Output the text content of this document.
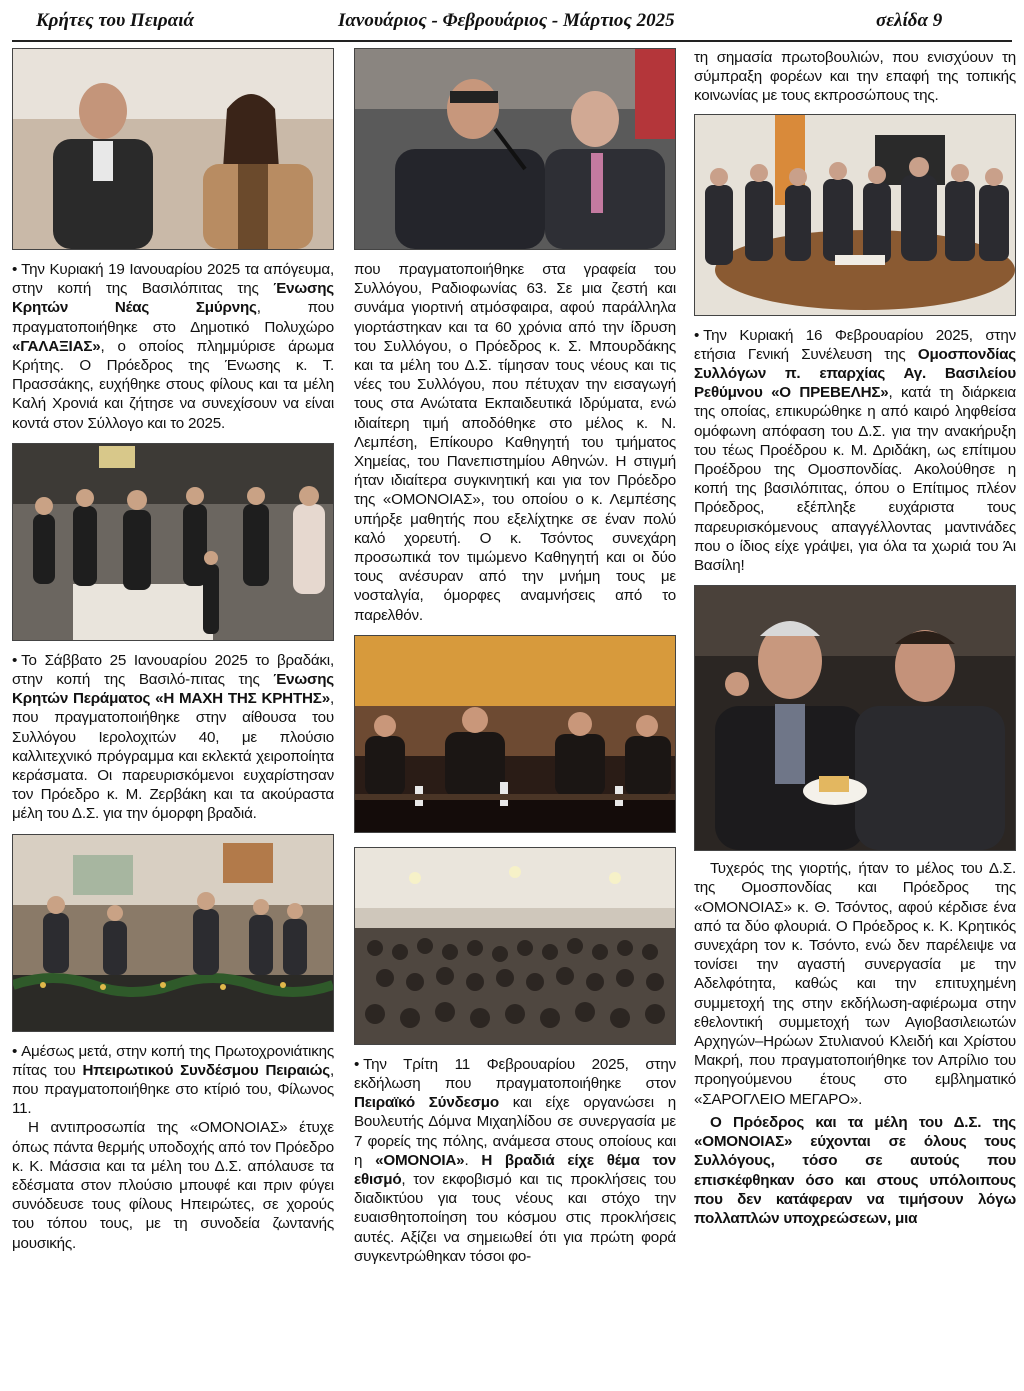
Κρήτες του Πειραιά	Ιανουάριος - Φεβρουάριος - Μάρτιος 2025	σελίδα 9

• Την Κυριακή 19 Ιανουαρίου 2025 τα απόγευμα, στην κοπή της Βασιλόπιτας της Ένωσης Κρητών Νέας Σμύρνης, που πραγματοποιήθηκε στο Δημοτικό Πολυχώρο «ΓΑΛΑΞΙΑΣ», ο οποίος πλημμύρισε άρωμα Κρήτης. Ο Πρόεδρος της Ένωσης κ. Τ. Πρασσάκης, ευχήθηκε στους φίλους και τα μέλη Καλή Χρονιά και ζήτησε να συνεχίσουν να είναι κοντά στον Σύλλογο και το 2025.

• Το Σάββατο 25 Ιανουαρίου 2025 το βραδάκι, στην κοπή της Βασιλό-πιτας της Ένωσης Κρητών Περάματος «Η ΜΑΧΗ ΤΗΣ ΚΡΗΤΗΣ», που πραγματοποιήθηκε στην αίθουσα του Συλλόγου Ιερολοχιτών 40, με πλούσιο καλλιτεχνικό πρόγραμμα και εκλεκτά χειροποίητα κεράσματα. Οι παρευρισκόμενοι ευχαρίστησαν τον Πρόεδρο κ. Μ. Ζερβάκη και τα ακούραστα μέλη του Δ.Σ. για την όμορφη βραδιά.

• Αμέσως μετά, στην κοπή της Πρωτοχρονιάτικης πίτας του Ηπειρωτικού Συνδέσμου Πειραιώς, που πραγματοποιήθηκε στο κτίριό του, Φίλωνος 11.

Η αντιπροσωπία της «ΟΜΟΝΟΙΑΣ» έτυχε όπως πάντα θερμής υποδοχής από τον Πρόεδρο κ. Κ. Μάσσια και τα μέλη του Δ.Σ. απόλαυσε τα εδέσματα στον πλούσιο μπουφέ και πριν φύγει συνόδευσε τους φίλους Ηπειρώτες, σε χορούς του τόπου τους, με τη συνοδεία ζωντανής μουσικής.

που πραγματοποιήθηκε στα γραφεία του Συλλόγου, Ραδιοφωνίας 63. Σε μια ζεστή και συνάμα γιορτινή ατμόσφαιρα, αφού παράλληλα γιορτάστηκαν και τα 60 χρόνια από την ίδρυση του Συλλόγου, ο Πρόεδρος κ. Σ. Μπουρδάκης και τα μέλη του Δ.Σ. τίμησαν τους νέους και τις νέες του Συλλόγου, που πέτυχαν την εισαγωγή τους στα Ανώτατα Εκπαιδευτικά Ιδρύματα, ενώ ιδιαίτερη τιμή αποδόθηκε στο μέλος κ. Ν. Λεμπέση, Επίκουρο Καθηγητή του τμήματος Χημείας, του Πανεπιστημίου Αθηνών. Η στιγμή ήταν ιδιαίτερα συγκινητική και για τον Πρόεδρο της «ΟΜΟΝΟΙΑΣ», του οποίου ο κ. Λεμπέσης υπήρξε μαθητής που εξελίχτηκε σε έναν πολύ καλό χορευτή. Ο κ. Τσόντος συνεχάρη προσωπικά τον τιμώμενο Καθηγητή και οι δύο τους ανέσυραν από την μνήμη τους με νοσταλγία, όμορφες αναμνήσεις από το παρελθόν.

• Την Τρίτη 11 Φεβρουαρίου 2025, στην εκδήλωση που πραγματοποιήθηκε στον Πειραϊκό Σύνδεσμο και είχε οργανώσει η Βουλευτής Δόμνα Μιχαηλίδου σε συνεργασία με 7 φορείς της πόλης, ανάμεσα στους οποίους και η «ΟΜΟΝΟΙΑ». Η βραδιά είχε θέμα τον εθισμό, τον εκφοβισμό και τις προκλήσεις του διαδικτύου για τους νέους και στόχο την ευαισθητοποίηση του κόσμου στις προκλήσεις αυτές. Αξίζει να σημειωθεί ότι για πρώτη φορά συγκεντρώθηκαν τόσοι φο-

τη σημασία πρωτοβουλιών, που ενισχύουν τη σύμπραξη φορέων και την επαφή της τοπικής κοινωνίας με τους εκπροσώπους της.

• Την Κυριακή 16 Φεβρουαρίου 2025, στην ετήσια Γενική Συνέλευση της Ομοσπονδίας Συλλόγων π. επαρχίας Αγ. Βασιλείου Ρεθύμνου «Ο ΠΡΕΒΕΛΗΣ», κατά τη διάρκεια της οποίας, επικυρώθηκε η από καιρό ληφθείσα ομόφωνη απόφαση του Δ.Σ. για την ανακήρυξη του τέως Προέδρου κ. Μ. Δριδάκη, ως επίτιμου Προέδρου της Ομοσπονδίας. Ακολούθησε η κοπή της βασιλόπιτας, όπου ο Επίτιμος πλέον Πρόεδρος, εξέπληξε ευχάριστα τους παρευρισκόμενους απαγγέλλοντας μαντινάδες που ο ίδιος είχε γράψει, για όλα τα χωριά του Άι Βασίλη!

Τυχερός της γιορτής, ήταν το μέλος του Δ.Σ. της Ομοσπονδίας και Πρόεδρος της «ΟΜΟΝΟΙΑΣ» κ. Θ. Τσόντος, αφού κέρδισε ένα από τα δύο φλουριά. Ο Πρόεδρος κ. Κ. Κρητικός συνεχάρη τον κ. Τσόντο, ενώ δεν παρέλειψε να τονίσει την αγαστή συνεργασία με την Αδελφότητα, καθώς και την επιτυχημένη συμμετοχή της στην εκδήλωση-αφιέρωμα στην εθελοντική συμμετοχή των Αγιοβασιλειωτών Αρχηγών–Ηρώων Στυλιανού Κλειδή και Χρίστου Μακρή, που πραγματοποιήθηκε τον Απρίλιο του προηγούμενου έτους στο εμβληματικό «ΣΑΡΟΓΛΕΙΟ ΜΕΓΑΡΟ».

Ο Πρόεδρος και τα μέλη του Δ.Σ. της «ΟΜΟΝΟΙΑΣ» εύχονται σε όλους τους Συλλόγους, τόσο σε αυτούς που επισκέφθηκαν όσο και στους υπόλοιπους που δεν κατάφεραν να τιμήσουν λόγω πολλαπλών υποχρεώσεων, μια
